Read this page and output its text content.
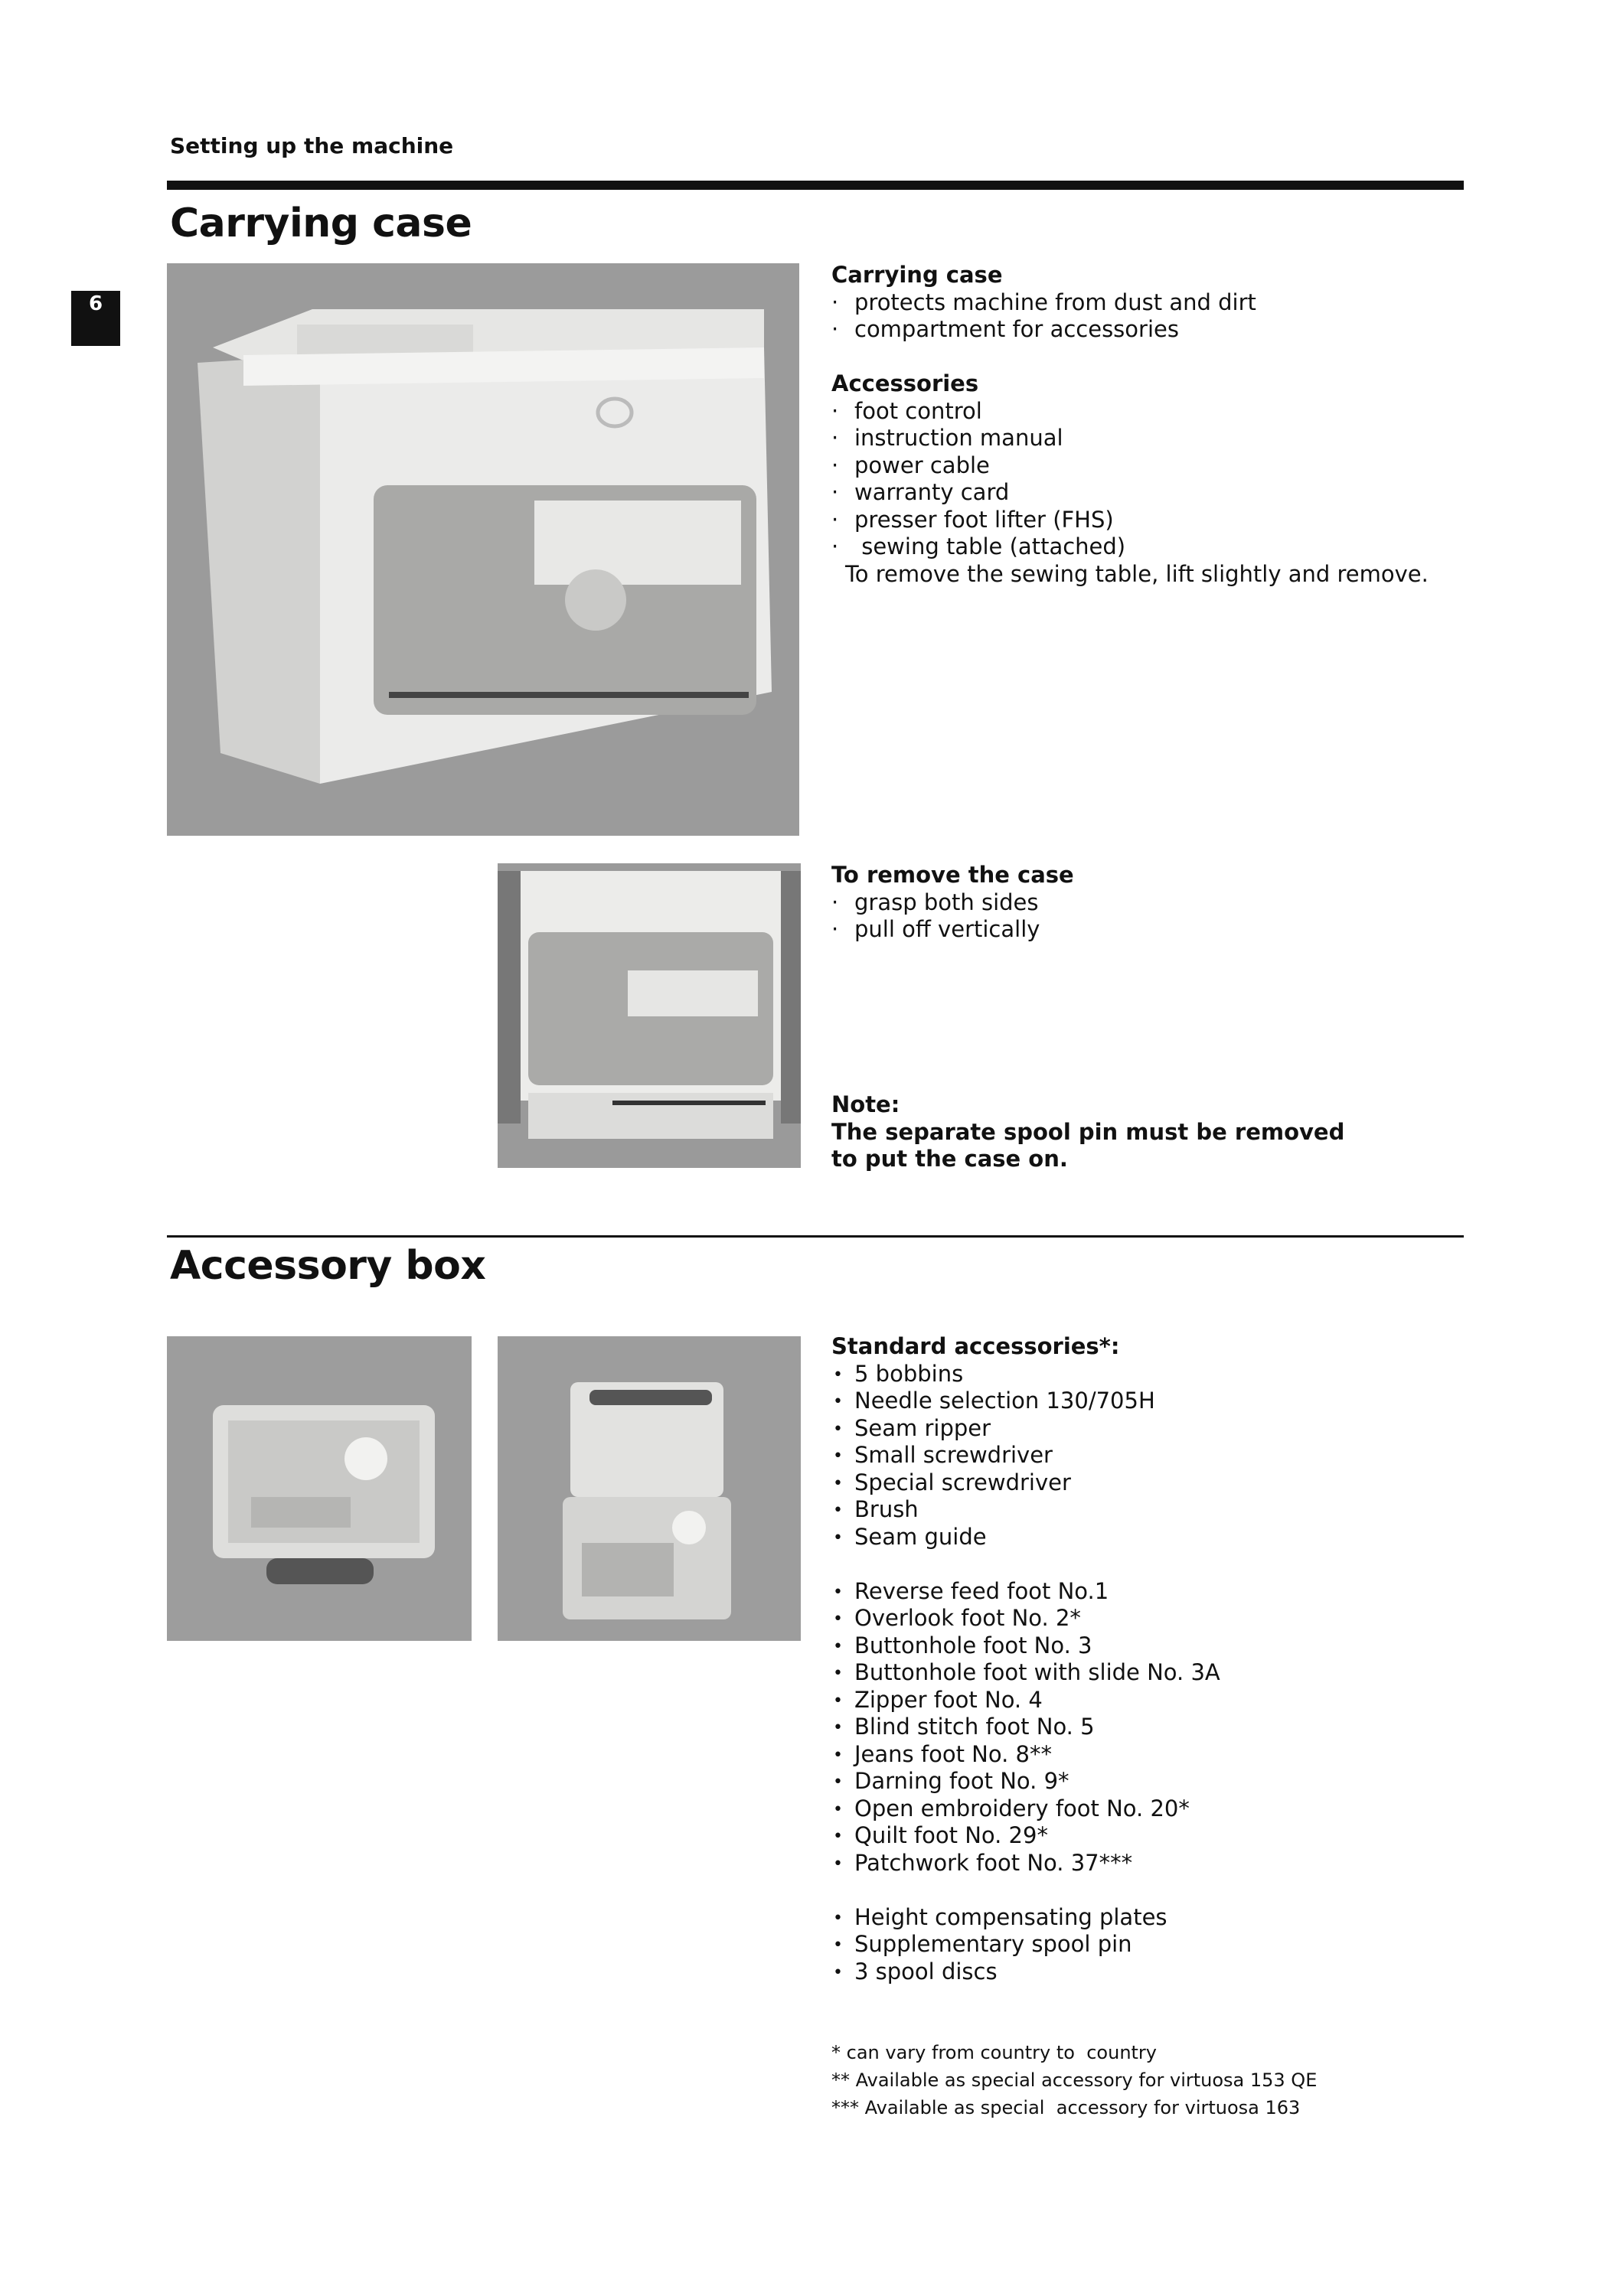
Setting up the machine
6
Carrying case
Carrying case
· protects machine from dust and dirt
· compartment for accessories
Accessories
· foot control
· instruction manual
· power cable
· warranty card
· presser foot lifter (FHS)
·  sewing table (attached)
To remove the sewing table, lift slightly and remove.
To remove the case
· grasp both sides
· pull off vertically
Note:
The separate spool pin must be removed
to put the case on.
Accessory box
Standard accessories*:
• 5 bobbins
• Needle selection 130/705H
• Seam ripper
• Small screwdriver
• Special screwdriver
• Brush
• Seam guide
• Reverse feed foot No.1
• Overlook foot No. 2*
• Buttonhole foot No. 3
• Buttonhole foot with slide No. 3A
• Zipper foot No. 4
• Blind stitch foot No. 5
• Jeans foot No. 8**
• Darning foot No. 9*
• Open embroidery foot No. 20*
• Quilt foot No. 29*
• Patchwork foot No. 37***
• Height compensating plates
• Supplementary spool pin
• 3 spool discs
* can vary from country to  country
** Available as special accessory for virtuosa 153 QE
*** Available as special  accessory for virtuosa 163
